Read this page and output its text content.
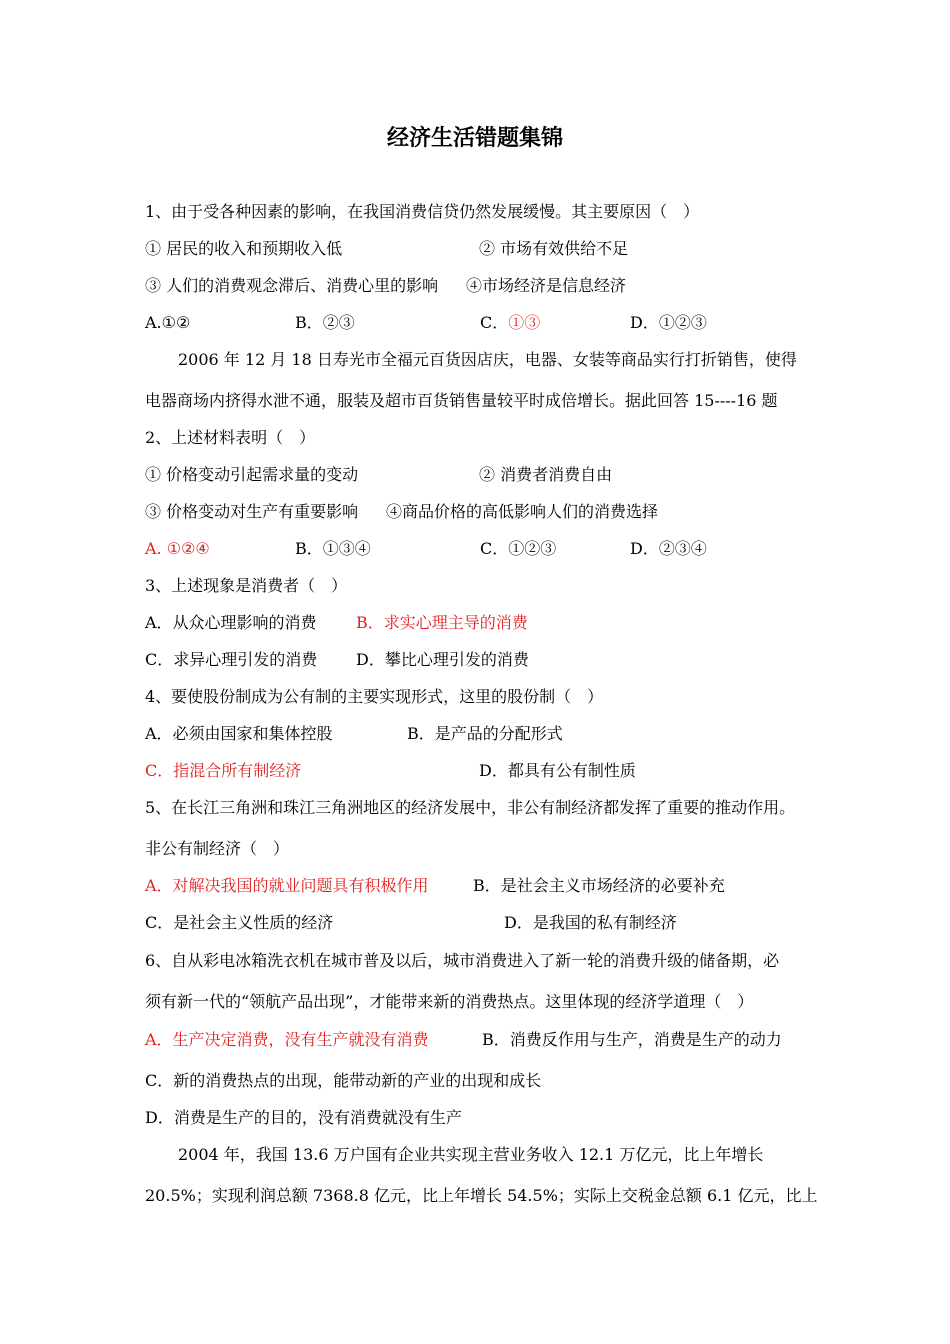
经济生活错题集锦
1、由于受各种因素的影响，在我国消费信贷仍然发展缓慢。其主要原因（　）
① 居民的收入和预期收入低	② 市场有效供给不足
③ 人们的消费观念滞后、消费心里的影响 ④市场经济是信息经济
A.①②	B．②③	C．①③	D．①②③
2006 年 12 月 18 日寿光市全福元百货因店庆，电器、女装等商品实行打折销售，使得
电器商场内挤得水泄不通，服装及超市百货销售量较平时成倍增长。据此回答 15----16 题
2、上述材料表明（　）
① 价格变动引起需求量的变动	② 消费者消费自由
③ 价格变动对生产有重要影响 ④商品价格的高低影响人们的消费选择
A. ①②④	B．①③④	C．①②③	D．②③④
3、上述现象是消费者（　）
A．从众心理影响的消费 B．求实心理主导的消费
C．求异心理引发的消费 D．攀比心理引发的消费
4、要使股份制成为公有制的主要实现形式，这里的股份制（　）
A．必须由国家和集体控股	B．是产品的分配形式
C．指混合所有制经济	D．都具有公有制性质
5、在长江三角洲和珠江三角洲地区的经济发展中，非公有制经济都发挥了重要的推动作用。
非公有制经济（　）
A．对解决我国的就业问题具有积极作用	B．是社会主义市场经济的必要补充
C．是社会主义性质的经济	D．是我国的私有制经济
6、自从彩电冰箱洗衣机在城市普及以后，城市消费进入了新一轮的消费升级的储备期，必
须有新一代的“领航产品出现”，才能带来新的消费热点。这里体现的经济学道理（　）
A．生产决定消费，没有生产就没有消费	B．消费反作用与生产，消费是生产的动力
C．新的消费热点的出现，能带动新的产业的出现和成长
D．消费是生产的目的，没有消费就没有生产
2004 年，我国 13.6 万户国有企业共实现主营业务收入 12.1 万亿元，比上年增长
20.5%；实现利润总额 7368.8 亿元，比上年增长 54.5%；实际上交税金总额 6.1 亿元，比上
